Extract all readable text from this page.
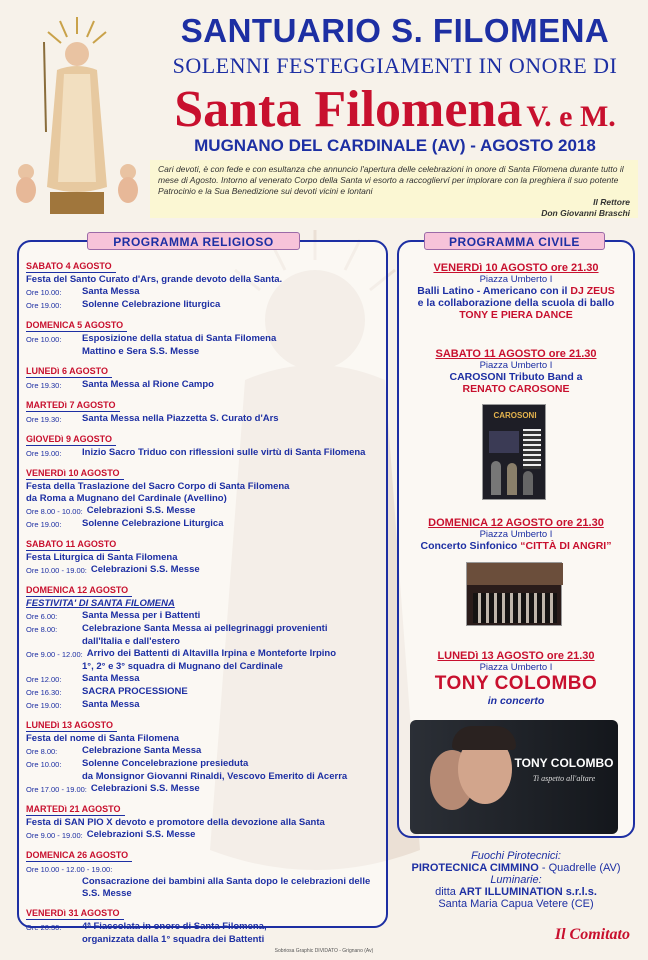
SANTUARIO S. FILOMENA
SOLENNI FESTEGGIAMENTI IN ONORE DI
Santa Filomena V. e M.
MUGNANO DEL CARDINALE (AV) - AGOSTO 2018
Cari devoti, è con fede e con esultanza che annuncio l'apertura delle celebrazioni in onore di Santa Filomena durante tutto il mese di Agosto. Intorno al venerato Corpo della Santa vi esorto a raccoglierví per implorare con la preghiera il suo potente Patrocinio e la Sua Benedizione sui devoti vicini e lontani
Il Rettore
Don Giovanni Braschi
PROGRAMMA RELIGIOSO
SABATO 4 AGOSTO
Festa del Santo Curato d'Ars, grande devoto della Santa.
Ore 10.00:	Santa Messa
Ore 19.00:	Solenne Celebrazione liturgica
DOMENICA 5 AGOSTO
Ore 10.00:	Esposizione della statua di Santa Filomena
Mattino e Sera S.S. Messe
LUNEDì 6 AGOSTO
Ore 19.30:	Santa Messa al Rione Campo
MARTEDì 7 AGOSTO
Ore 19.30:	Santa Messa nella Piazzetta S. Curato d'Ars
GIOVEDì 9 AGOSTO
Ore 19.00:	Inizio Sacro Triduo con riflessioni sulle virtù di Santa Filomena
VENERDì 10 AGOSTO
Festa della Traslazione del Sacro Corpo di Santa Filomena
da Roma a Mugnano del Cardinale (Avellino)
Ore 8.00 - 10.00: Celebrazioni S.S. Messe
Ore 19.00:	Solenne Celebrazione Liturgica
SABATO 11 AGOSTO
Festa Liturgica di Santa Filomena
Ore 10.00 - 19.00: Celebrazioni S.S. Messe
DOMENICA 12 AGOSTO
FESTIVITA' DI SANTA FILOMENA
Ore 6.00:	Santa Messa per i Battenti
Ore 8.00:	Celebrazione Santa Messa ai pellegrinaggi provenienti
dall'Italia e dall'estero
Ore 9.00 - 12.00: Arrivo dei Battenti di Altavilla Irpina e Monteforte Irpino
1°, 2° e 3° squadra di Mugnano del Cardinale
Ore 12.00:	Santa Messa
Ore 16.30:	SACRA PROCESSIONE
Ore 19.00:	Santa Messa
LUNEDì 13 AGOSTO
Festa del nome di Santa Filomena
Ore 8.00:	Celebrazione Santa Messa
Ore 10.00:	Solenne Concelebrazione presieduta
da Monsignor Giovanni Rinaldi, Vescovo Emerito di Acerra
Ore 17.00 - 19.00: Celebrazioni S.S. Messe
MARTEDì 21 AGOSTO
Festa di SAN PIO X devoto e promotore della devozione alla Santa
Ore 9.00 - 19.00: Celebrazioni S.S. Messe
DOMENICA 26 AGOSTO
Ore 10.00 - 12.00 - 19.00:
Consacrazione dei bambini alla Santa dopo le celebrazioni delle S.S. Messe
VENERDì 31 AGOSTO
Ore 20.30:	4ª Fiaccolata in onore di Santa Filomena,
organizzata dalla 1° squadra dei Battenti
PROGRAMMA CIVILE
VENERDì 10 AGOSTO ore 21.30
Piazza Umberto I
Balli Latino - Americano con il DJ ZEUS
e la collaborazione della scuola di ballo
TONY E PIERA DANCE
SABATO 11 AGOSTO ore 21.30
Piazza Umberto I
CAROSONI Tributo Band a
RENATO CAROSONE
CAROSONI
DOMENICA 12 AGOSTO ore 21.30
Piazza Umberto I
Concerto Sinfonico “CITTÀ DI ANGRI”
LUNEDì 13 AGOSTO ore 21.30
Piazza Umberto I
TONY COLOMBO
in concerto
TONY COLOMBO
Ti aspetto all'altare
Fuochi Pirotecnici:
PIROTECNICA CIMMINO - Quadrelle (AV)
Luminarie:
ditta ART ILLUMINATION s.r.l.s.
Santa Maria Capua Vetere (CE)
Il Comitato
Sobriosa Graphic DIVIDATO - Grignano (Av)
